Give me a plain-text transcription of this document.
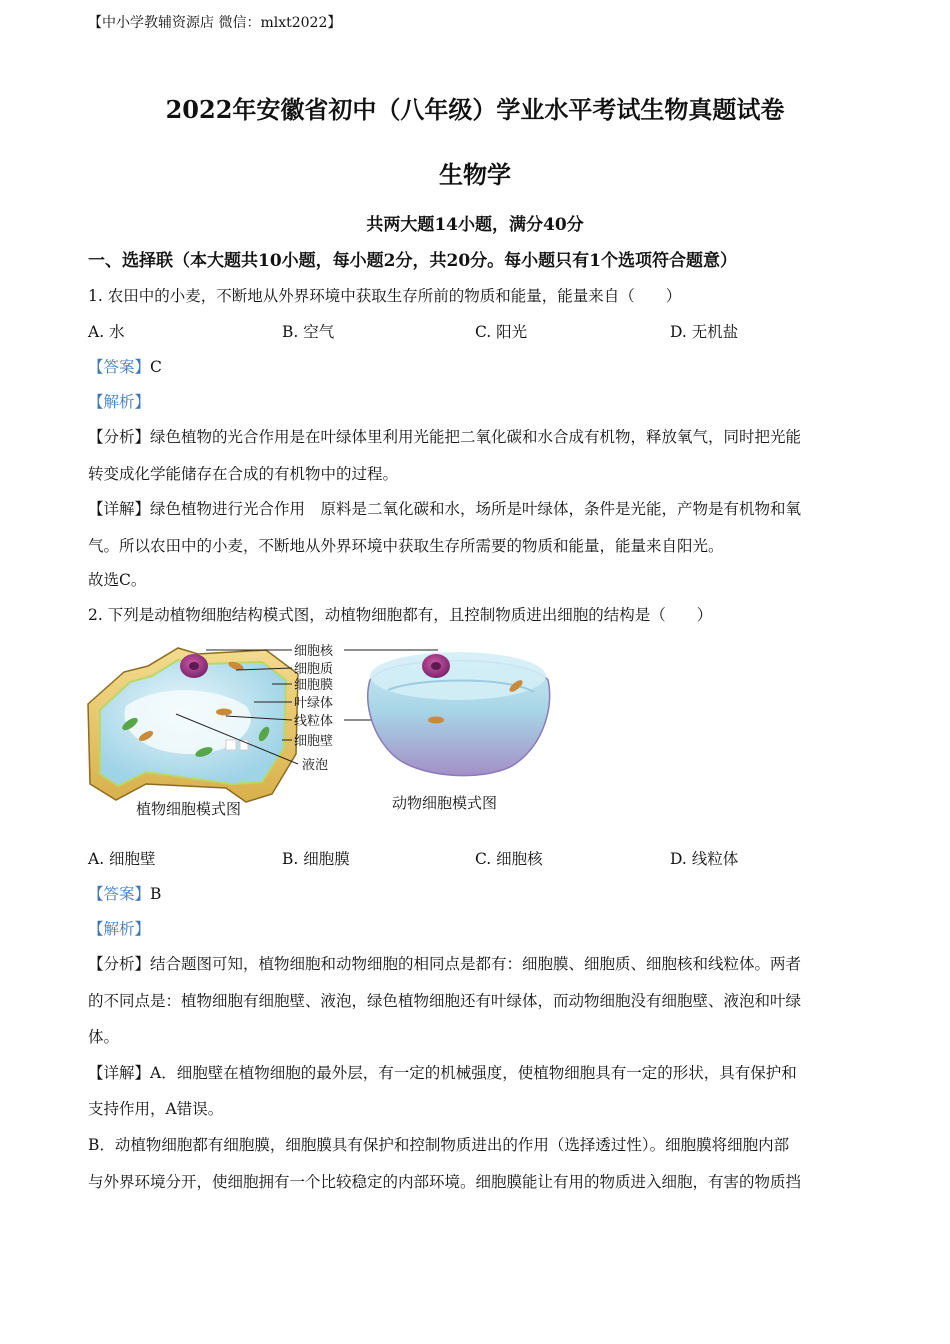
【中小学教辅资源店 微信：mlxt2022】
2022年安徽省初中（八年级）学业水平考试生物真题试卷
生物学
共两大题14小题，满分40分
一、选择联（本大题共10小题，每小题2分，共20分。每小题只有1个选项符合题意）
1. 农田中的小麦，不断地从外界环境中获取生存所前的物质和能量，能量来自（　　）
A. 水	B. 空气	C. 阳光	D. 无机盐
【答案】C
【解析】
【分析】绿色植物的光合作用是在叶绿体里利用光能把二氧化碳和水合成有机物，释放氧气，同时把光能
转变成化学能储存在合成的有机物中的过程。
【详解】绿色植物进行光合作用　原料是二氧化碳和水，场所是叶绿体，条件是光能，产物是有机物和氧
气。所以农田中的小麦，不断地从外界环境中获取生存所需要的物质和能量，能量来自阳光。
故选C。
2. 下列是动植物细胞结构模式图，动植物细胞都有，且控制物质进出细胞的结构是（　　）
细胞核
细胞质
细胞膜
叶绿体
线粒体
细胞壁
液泡
植物细胞模式图	动物细胞模式图
A. 细胞壁	B. 细胞膜	C. 细胞核	D. 线粒体
【答案】B
【解析】
【分析】结合题图可知，植物细胞和动物细胞的相同点是都有：细胞膜、细胞质、细胞核和线粒体。两者
的不同点是：植物细胞有细胞壁、液泡，绿色植物细胞还有叶绿体，而动物细胞没有细胞壁、液泡和叶绿
体。
【详解】A．细胞壁在植物细胞的最外层，有一定的机械强度，使植物细胞具有一定的形状，具有保护和
支持作用，A错误。
B．动植物细胞都有细胞膜，细胞膜具有保护和控制物质进出的作用（选择透过性）。细胞膜将细胞内部
与外界环境分开，使细胞拥有一个比较稳定的内部环境。细胞膜能让有用的物质进入细胞，有害的物质挡
